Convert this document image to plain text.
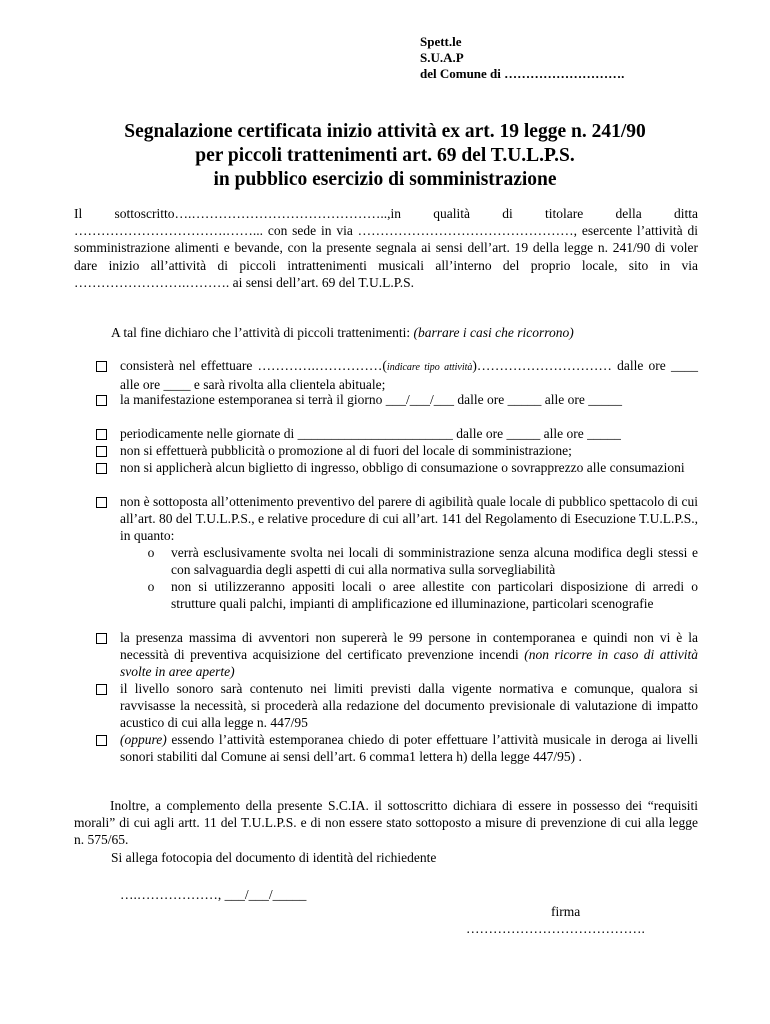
Spett.le
S.U.A.P
del Comune di ……………………….
Segnalazione certificata inizio attività ex art. 19 legge n. 241/90
per piccoli trattenimenti art. 69 del T.U.L.P.S.
in pubblico esercizio di somministrazione
Il sottoscritto….……………………………………..,in qualità di titolare della ditta …………………………….……... con sede in via …………………………………………, esercente l’attività di somministrazione alimenti e bevande, con la presente segnala ai sensi dell’art. 19 della legge n. 241/90 di voler dare inizio all’attività di piccoli intrattenimenti musicali all’interno del proprio locale, sito in via …………………….………. ai sensi dell’art. 69 del T.U.L.P.S.
A tal fine dichiaro che l’attività di piccoli trattenimenti: (barrare i casi che ricorrono)
consisterà nel effettuare ………….……………(indicare tipo attività)………………………… dalle ore ____ alle ore ____ e sarà rivolta alla clientela abituale;
la manifestazione estemporanea si terrà il giorno ___/___/___ dalle ore _____ alle ore _____
periodicamente nelle giornate di _______________________ dalle ore _____ alle ore _____
non si effettuerà pubblicità o promozione al di fuori del locale di somministrazione;
non si applicherà alcun biglietto di ingresso, obbligo di consumazione o sovrapprezzo alle consumazioni
non è sottoposta all’ottenimento preventivo del parere di agibilità quale locale di pubblico spettacolo di cui all’art. 80 del T.U.L.P.S., e relative procedure di cui all’art. 141 del Regolamento di Esecuzione T.U.L.P.S., in quanto:
o verrà esclusivamente svolta nei locali di somministrazione senza alcuna modifica degli stessi e con salvaguardia degli aspetti di cui alla normativa sulla sorvegliabilità
o non si utilizzeranno appositi locali o aree allestite con particolari disposizione di arredi o strutture quali palchi, impianti di amplificazione ed illuminazione, particolari scenografie
la presenza massima di avventori non supererà le 99 persone in contemporanea e quindi non vi è la necessità di preventiva acquisizione del certificato prevenzione incendi (non ricorre in caso di attività svolte in aree aperte)
il livello sonoro sarà contenuto nei limiti previsti dalla vigente normativa e comunque, qualora si ravvisasse la necessità, si procederà alla redazione del documento previsionale di valutazione di impatto acustico di cui alla legge n. 447/95
(oppure) essendo l’attività estemporanea chiedo di poter effettuare l’attività musicale in deroga ai livelli sonori stabiliti dal Comune ai sensi dell’art. 6 comma1 lettera h) della legge 447/95) .

Inoltre, a complemento della presente S.C.IA. il sottoscritto dichiara di essere in possesso dei “requisiti morali” di cui agli artt. 11 del T.U.L.P.S. e di non essere stato sottoposto a misure di prevenzione di cui alla legge n. 575/65.

Si allega fotocopia del documento di identità del richiedente
….………………, ___/___/_____
firma
………………………………….
